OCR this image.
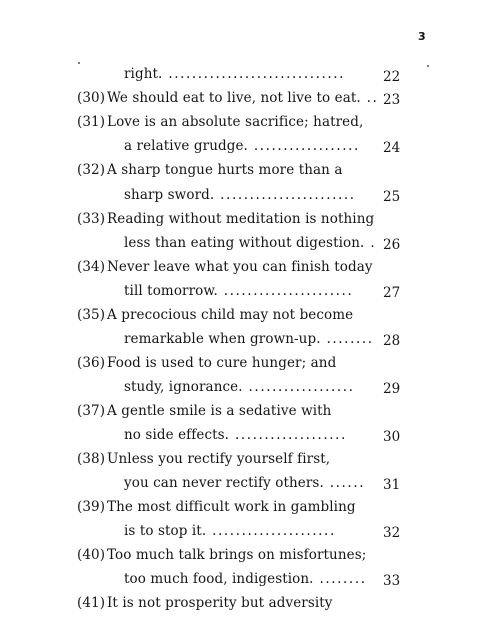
3
right. ..............................	22
(30) We should eat to live, not live to eat. .. 23
(31) Love is an absolute sacrifice; hatred,
a relative grudge. .................. 24
(32) A sharp tongue hurts more than a
sharp sword. ....................... 25
(33) Reading without meditation is nothing
less than eating without digestion. . 26
(34) Never leave what you can finish today
till tomorrow. ...................... 27
(35) A precocious child may not become
remarkable when grown-up. ........ 28
(36) Food is used to cure hunger; and
study, ignorance. .................. 29
(37) A gentle smile is a sedative with
no side effects. ...................	30
(38) Unless you rectify yourself first,
you can never rectify others. ...... 31
(39) The most difficult work in gambling
is to stop it. .....................	32
(40) Too much talk brings on misfortunes;
too much food, indigestion. ........ 33
(41) It is not prosperity but adversity
